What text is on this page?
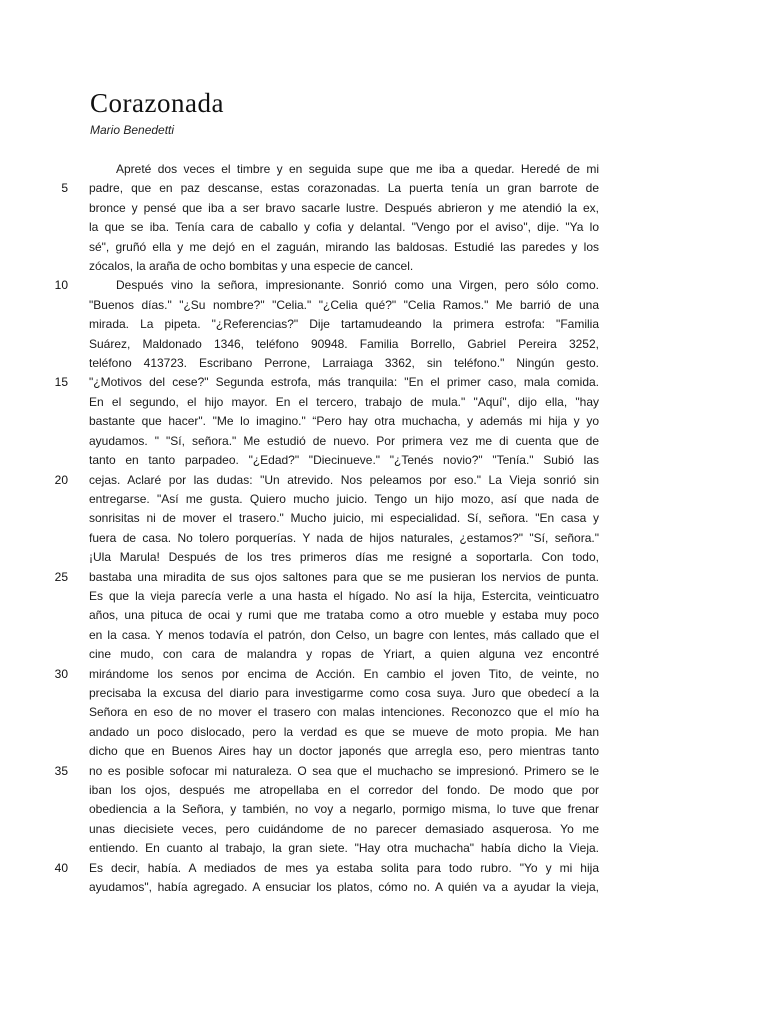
Corazonada
Mario Benedetti
Apreté dos veces el timbre y en seguida supe que me iba a quedar. Heredé de mi
5 padre, que en paz descanse, estas corazonadas. La puerta tenía un gran barrote de
bronce y pensé que iba a ser bravo sacarle lustre. Después abrieron y me atendió la ex,
la que se iba. Tenía cara de caballo y cofia y delantal. "Vengo por el aviso", dije. "Ya lo
sé", gruñó ella y me dejó en el zaguán, mirando las baldosas. Estudié las paredes y los
zócalos, la araña de ocho bombitas y una especie de cancel.
10	Después vino la señora, impresionante. Sonrió como una Virgen, pero sólo como.
"Buenos días." "¿Su nombre?" "Celia." "¿Celia qué?" "Celia Ramos." Me barrió de una
mirada. La pipeta. "¿Referencias?" Dije tartamudeando la primera estrofa: "Familia
Suárez, Maldonado 1346, teléfono 90948. Familia Borrello, Gabriel Pereira 3252,
teléfono 413723. Escribano Perrone, Larraiaga 3362, sin teléfono." Ningún gesto.
15 "¿Motivos del cese?" Segunda estrofa, más tranquila: "En el primer caso, mala comida.
En el segundo, el hijo mayor. En el tercero, trabajo de mula." "Aquí", dijo ella, "hay
bastante que hacer". "Me lo imagino." “Pero hay otra muchacha, y además mi hija y yo
ayudamos. " "Sí, señora." Me estudió de nuevo. Por primera vez me di cuenta que de
tanto en tanto parpadeo. "¿Edad?" "Diecinueve." "¿Tenés novio?" "Tenía." Subió las
20 cejas. Aclaré por las dudas: "Un atrevido. Nos peleamos por eso." La Vieja sonrió sin
entregarse. "Así me gusta. Quiero mucho juicio. Tengo un hijo mozo, así que nada de
sonrisitas ni de mover el trasero." Mucho juicio, mi especialidad. Sí, señora. "En casa y
fuera de casa. No tolero porquerías. Y nada de hijos naturales, ¿estamos?" "Sí, señora."
¡Ula Marula! Después de los tres primeros días me resigné a soportarla. Con todo,
25 bastaba una miradita de sus ojos saltones para que se me pusieran los nervios de punta.
Es que la vieja parecía verle a una hasta el hígado. No así la hija, Estercita, veinticuatro
años, una pituca de ocai y rumi que me trataba como a otro mueble y estaba muy poco
en la casa. Y menos todavía el patrón, don Celso, un bagre con lentes, más callado que el
cine mudo, con cara de malandra y ropas de Yriart, a quien alguna vez encontré
30 mirándome los senos por encima de Acción. En cambio el joven Tito, de veinte, no
precisaba la excusa del diario para investigarme como cosa suya. Juro que obedecí a la
Señora en eso de no mover el trasero con malas intenciones. Reconozco que el mío ha
andado un poco dislocado, pero la verdad es que se mueve de moto propia. Me han
dicho que en Buenos Aires hay un doctor japonés que arregla eso, pero mientras tanto
35 no es posible sofocar mi naturaleza. O sea que el muchacho se impresionó. Primero se le
iban los ojos, después me atropellaba en el corredor del fondo. De modo que por
obediencia a la Señora, y también, no voy a negarlo, pormigo misma, lo tuve que frenar
unas diecisiete veces, pero cuidándome de no parecer demasiado asquerosa. Yo me
entiendo. En cuanto al trabajo, la gran siete. "Hay otra muchacha" había dicho la Vieja.
40 Es decir, había. A mediados de mes ya estaba solita para todo rubro. "Yo y mi hija
ayudamos", había agregado. A ensuciar los platos, cómo no. A quién va a ayudar la vieja,
